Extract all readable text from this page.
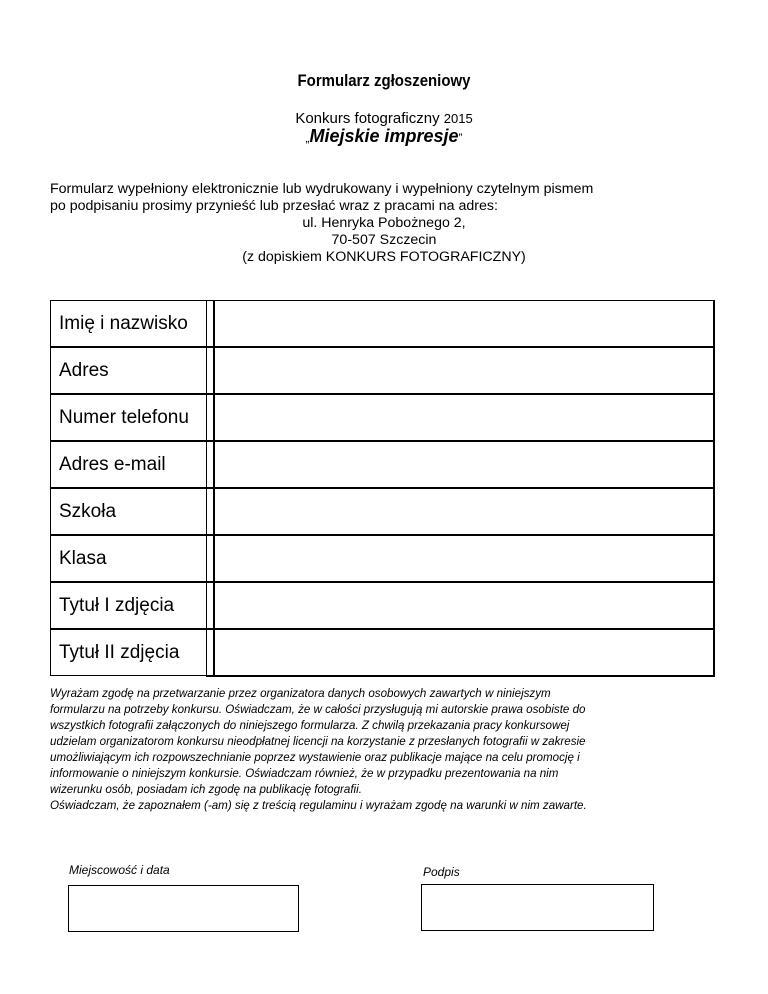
Formularz zgłoszeniowy
Konkurs fotograficzny 2015
„Miejskie impresje”
Formularz wypełniony elektronicznie lub wydrukowany i wypełniony czytelnym pismem
po podpisaniu prosimy przynieść lub przesłać wraz z pracami na adres:
ul. Henryka Pobożnego 2,
70-507 Szczecin
(z dopiskiem KONKURS FOTOGRAFICZNY)
Imię i nazwisko
Adres
Numer telefonu
Adres e-mail
Szkoła
Klasa
Tytuł I zdjęcia
Tytuł II zdjęcia
Wyrażam zgodę na przetwarzanie przez organizatora danych osobowych zawartych w niniejszym
formularzu na potrzeby konkursu. Oświadczam, że w całości przysługują mi autorskie prawa osobiste do
wszystkich fotografii załączonych do niniejszego formularza. Z chwilą przekazania pracy konkursowej
udzielam organizatorom konkursu nieodpłatnej licencji na korzystanie z przesłanych fotografii w zakresie
umożliwiającym ich rozpowszechnianie poprzez wystawienie oraz publikacje mające na celu promocję i
informowanie o niniejszym konkursie. Oświadczam również, że w przypadku prezentowania na nim
wizerunku osób, posiadam ich zgodę na publikację fotografii.
Oświadczam, że zapoznałem (-am) się z treścią regulaminu i wyrażam zgodę na warunki w nim zawarte.
Miejscowość i data	Podpis
